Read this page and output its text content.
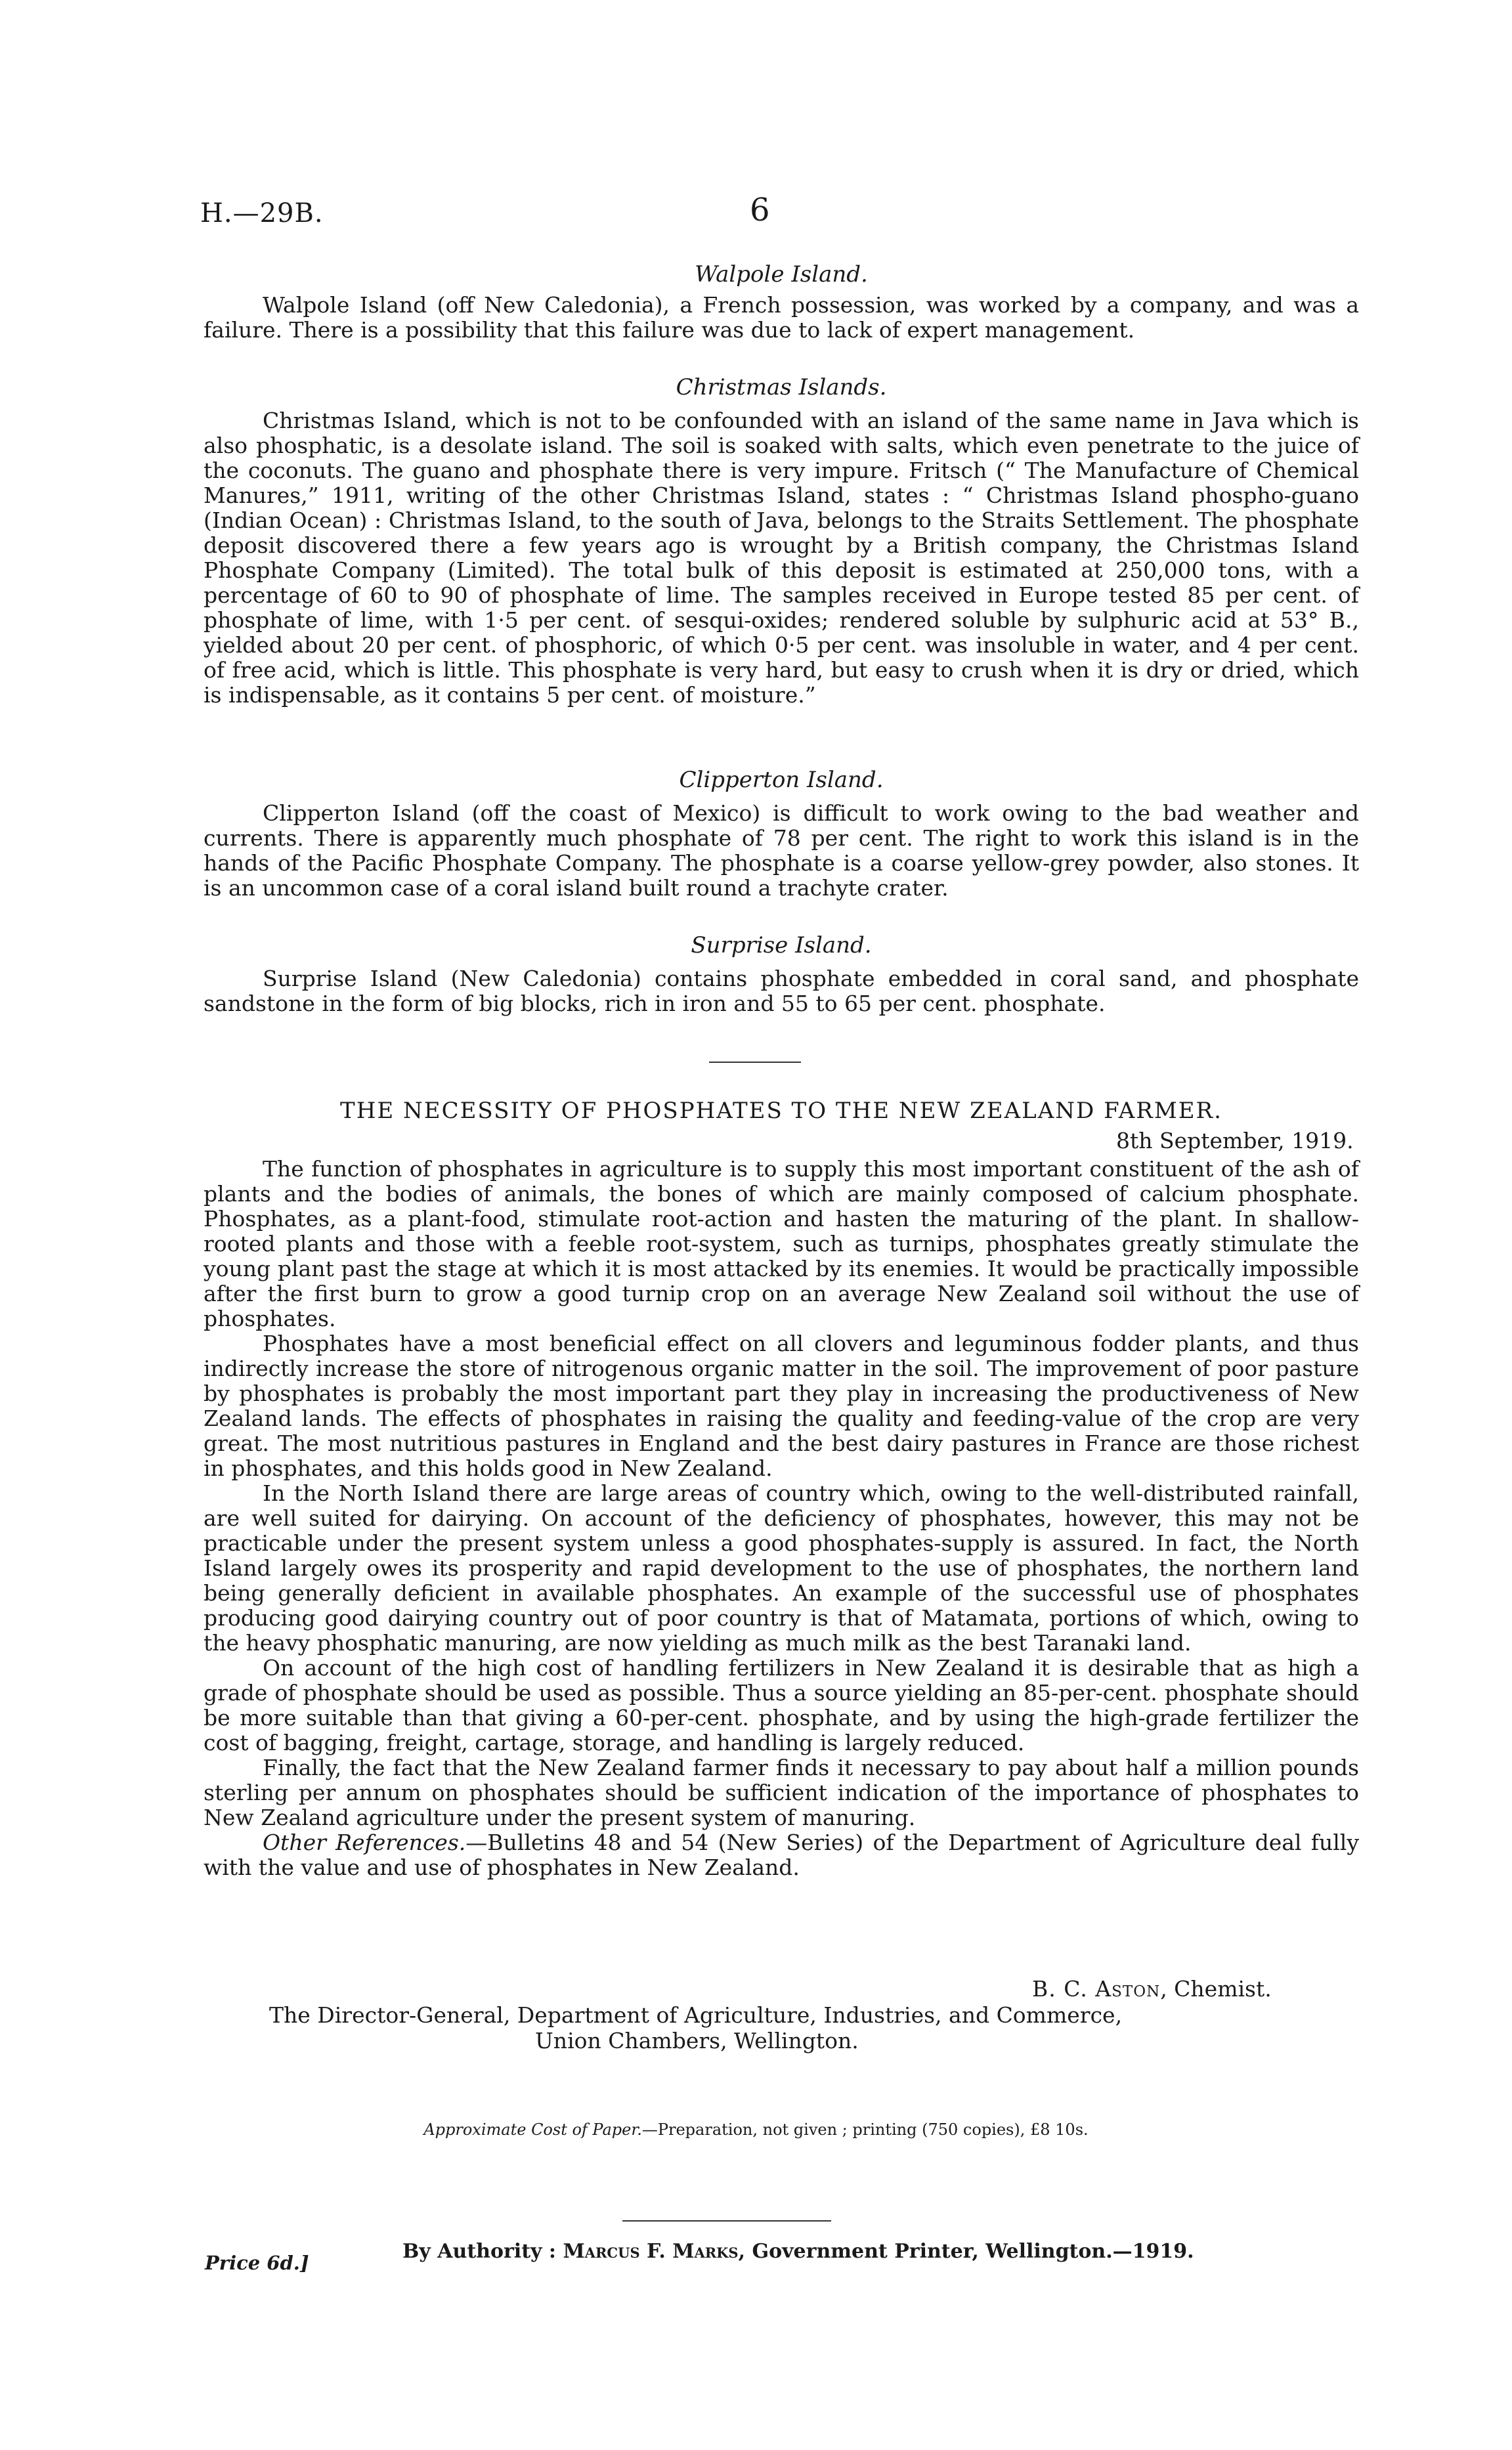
H.—29B.	6

Walpole Island.

Walpole Island (off New Caledonia), a French possession, was worked by a company, and was a failure. There is a possibility that this failure was due to lack of expert management.

Christmas Islands.

Christmas Island, which is not to be confounded with an island of the same name in Java which is also phosphatic, is a desolate island. The soil is soaked with salts, which even penetrate to the juice of the coconuts. The guano and phosphate there is very impure. Fritsch (“ The Manufacture of Chemical Manures,” 1911, writing of the other Christmas Island, states : “ Christmas Island phospho-guano (Indian Ocean) : Christmas Island, to the south of Java, belongs to the Straits Settlement. The phosphate deposit discovered there a few years ago is wrought by a British company, the Christmas Island Phosphate Company (Limited). The total bulk of this deposit is estimated at 250,000 tons, with a percentage of 60 to 90 of phosphate of lime. The samples received in Europe tested 85 per cent. of phosphate of lime, with 1·5 per cent. of sesqui-oxides; rendered soluble by sulphuric acid at 53° B., yielded about 20 per cent. of phosphoric, of which 0·5 per cent. was insoluble in water, and 4 per cent. of free acid, which is little. This phosphate is very hard, but easy to crush when it is dry or dried, which is indispensable, as it contains 5 per cent. of moisture.”

Clipperton Island.

Clipperton Island (off the coast of Mexico) is difficult to work owing to the bad weather and currents. There is apparently much phosphate of 78 per cent. The right to work this island is in the hands of the Pacific Phosphate Company. The phosphate is a coarse yellow-grey powder, also stones. It is an uncommon case of a coral island built round a trachyte crater.

Surprise Island.

Surprise Island (New Caledonia) contains phosphate embedded in coral sand, and phosphate sandstone in the form of big blocks, rich in iron and 55 to 65 per cent. phosphate.

THE NECESSITY OF PHOSPHATES TO THE NEW ZEALAND FARMER.
8th September, 1919.

The function of phosphates in agriculture is to supply this most important constituent of the ash of plants and the bodies of animals, the bones of which are mainly composed of calcium phosphate. Phosphates, as a plant-food, stimulate root-action and hasten the maturing of the plant. In shallow-rooted plants and those with a feeble root-system, such as turnips, phosphates greatly stimulate the young plant past the stage at which it is most attacked by its enemies. It would be practically impossible after the first burn to grow a good turnip crop on an average New Zealand soil without the use of phosphates.

Phosphates have a most beneficial effect on all clovers and leguminous fodder plants, and thus indirectly increase the store of nitrogenous organic matter in the soil. The improvement of poor pasture by phosphates is probably the most important part they play in increasing the productiveness of New Zealand lands. The effects of phosphates in raising the quality and feeding-value of the crop are very great. The most nutritious pastures in England and the best dairy pastures in France are those richest in phosphates, and this holds good in New Zealand.

In the North Island there are large areas of country which, owing to the well-distributed rainfall, are well suited for dairying. On account of the deficiency of phosphates, however, this may not be practicable under the present system unless a good phosphates-supply is assured. In fact, the North Island largely owes its prosperity and rapid development to the use of phosphates, the northern land being generally deficient in available phosphates. An example of the successful use of phosphates producing good dairying country out of poor country is that of Matamata, portions of which, owing to the heavy phosphatic manuring, are now yielding as much milk as the best Taranaki land.

On account of the high cost of handling fertilizers in New Zealand it is desirable that as high a grade of phosphate should be used as possible. Thus a source yielding an 85-per-cent. phosphate should be more suitable than that giving a 60-per-cent. phosphate, and by using the high-grade fertilizer the cost of bagging, freight, cartage, storage, and handling is largely reduced.

Finally, the fact that the New Zealand farmer finds it necessary to pay about half a million pounds sterling per annum on phosphates should be sufficient indication of the importance of phosphates to New Zealand agriculture under the present system of manuring.

Other References.—Bulletins 48 and 54 (New Series) of the Department of Agriculture deal fully with the value and use of phosphates in New Zealand.

B. C. Aston, Chemist.
The Director-General, Department of Agriculture, Industries, and Commerce,
Union Chambers, Wellington.
Approximate Cost of Paper.—Preparation, not given ; printing (750 copies), £8 10s.
Price 6d.]	By Authority : Marcus F. Marks, Government Printer, Wellington.—1919.
